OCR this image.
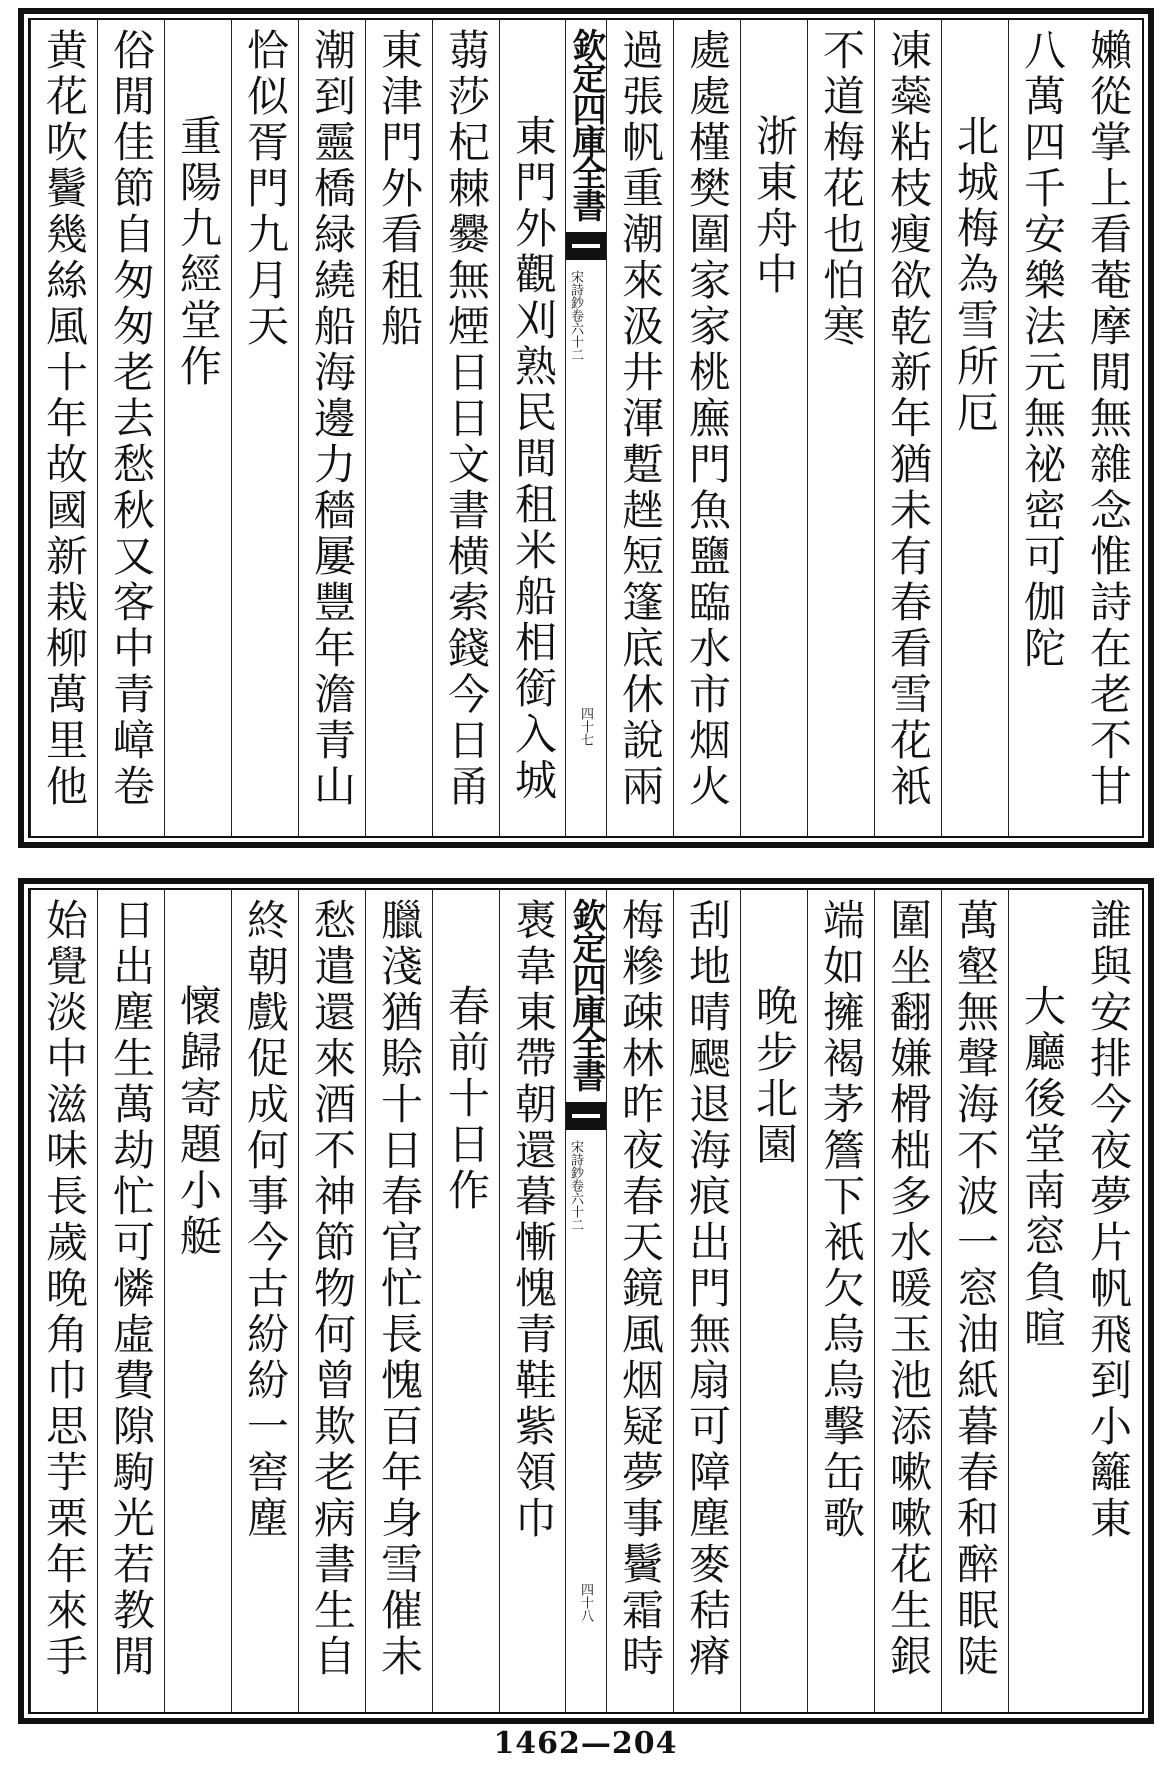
嬾從掌上看菴摩閒無雜念惟詩在老不甘
八萬四千安樂法元無祕密可伽陀
北城梅為雪所厄
凍蘂粘枝瘦欲乾新年猶未有春看雪花衹
不道梅花也怕寒
浙東舟中
處處槿樊圍家家桃廡門魚鹽臨水市烟火
過張帆重潮來汲井渾蹔趖短篷底休說兩
欽定四庫全書
宋詩鈔 卷六十二
四十七
東門外觀刈熟民間租米船相銜入城
蒻莎杞棘爨無煙日日文書横索錢今日甬
東津門外看租船
潮到靈橋緑繞船海邊力穡屢豐年澹青山
恰似胥門九月天
重陽九經堂作
俗閒佳節自匆匆老去愁秋又客中青嶂卷
黄花吹鬢幾絲風十年故國新栽柳萬里他
誰與安排今夜夢片帆飛到小籬東
大廳後堂南窓負暄
萬壑無聲海不波一窓油紙暮春和醉眠陡
圍坐翻嫌榾柮多水暖玉池添嗽嗽花生銀
端如擁褐茅簷下衹欠烏烏擊缶歌
晚步北園
刮地晴颸退海痕出門無扇可障塵麥秸瘠
梅糝疎林昨夜春天鏡風烟疑夢事鬢霜時
欽定四庫全書
宋詩鈔 卷六十二
四十八
褭韋東帶朝還暮慚愧青鞋紫領巾
春前十日作
臘淺猶賒十日春官忙長愧百年身雪催未
愁遣還來酒不神節物何曾欺老病書生自
終朝戲促成何事今古紛紛一窖塵
懷歸寄題小艇
日出塵生萬劫忙可憐虛費隙駒光若教閒
始覺淡中滋味長歲晚角巾思芋栗年來手
1462—204
